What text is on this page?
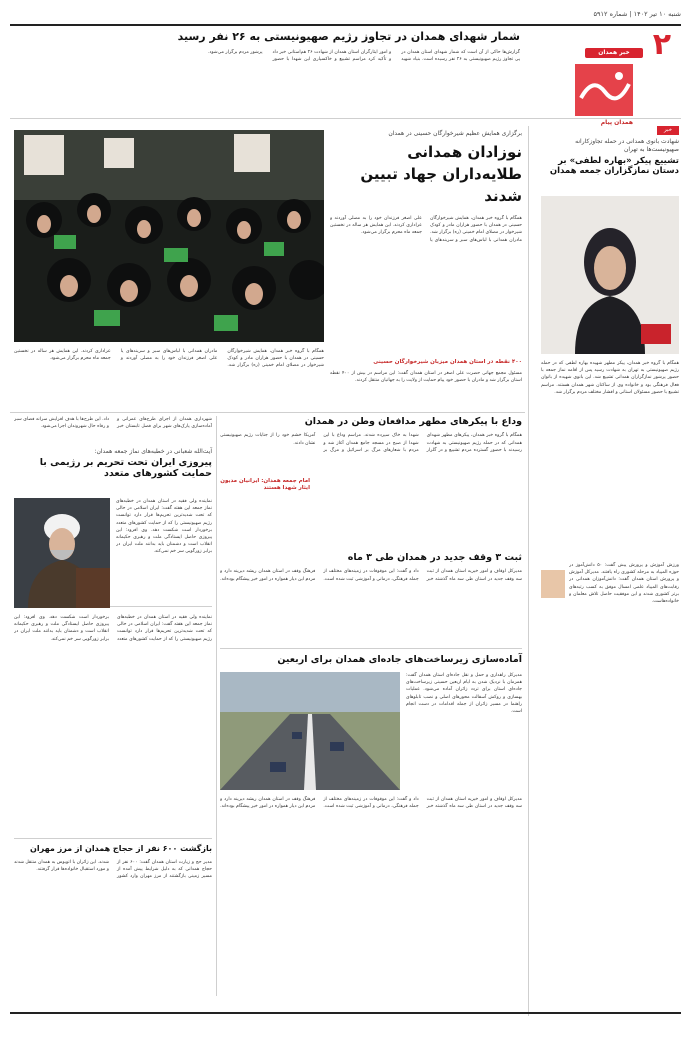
شنبه ۱۰ تیر ۱۴۰۲ | شماره ۵۹۱۲
۲
خبر همدان
همدان پیام
شمار شهدای همدان در تجاوز رژیم صهیونیستی به ۲۶ نفر رسید
گزارش‌ها حاکی از آن است که شمار شهدای استان همدان در پی تجاوز رژیم صهیونیستی به ۲۶ نفر رسیده است. بنیاد شهید و امور ایثارگران استان همدان از شهادت ۲۶ هم‌استانی خبر داد و تأکید کرد مراسم تشییع و خاکسپاری این شهدا با حضور پرشور مردم برگزار می‌شود.
خبر
شهادت بانوی همدانی در حمله تجاوزکارانه صهیونیست‌ها به تهران
تشییع پیکر «بهاره لطفی» بر دستان نمازگزاران جمعه همدان
همگام با گروه خبر همدان، پیکر مطهر شهیده بهاره لطفی که در حمله رژیم صهیونیستی به تهران به شهادت رسید پس از اقامه نماز جمعه با حضور پرشور نمازگزاران همدانی تشییع شد. این بانوی شهیده از بانوان فعال فرهنگی بود و خانواده وی از ساکنان شهر همدان هستند. مراسم تشییع با حضور مسئولان استانی و اقشار مختلف مردم برگزار شد.
ورزش آموزش و پرورش پیش گفت: ۵۰ دانش‌آموز در حوزه المپیاد به مرحله کشوری راه یافتند. مدیرکل آموزش و پرورش استان همدان گفت: دانش‌آموزان همدانی در رقابت‌های المپیاد علمی امسال موفق به کسب رتبه‌های برتر کشوری شدند و این موفقیت حاصل تلاش معلمان و خانواده‌هاست.
برگزاری همایش عظیم شیرخوارگان حسینی در همدان
نوزادان همدانی طلایه‌داران جهاد تبیین شدند
همگام با گروه خبر همدان، همایش شیرخوارگان حسینی در همدان با حضور هزاران مادر و کودک شیرخوار در مصلای امام خمینی (ره) برگزار شد. مادران همدانی با لباس‌های سبز و سربندهای یا علی اصغر فرزندان خود را به مصلی آوردند و عزاداری کردند. این همایش هر ساله در نخستین جمعه ماه محرم برگزار می‌شود.
۴۰۰ نقطه در استان همدان میزبان شیرخوارگان حسینی
مسئول مجمع جهانی حضرت علی اصغر در استان همدان گفت: این مراسم در بیش از ۴۰۰ نقطه استان برگزار شد و مادران با حضور خود پیام حمایت از ولایت را به جهانیان منتقل کردند.
همگام با گروه خبر همدان، همایش شیرخوارگان حسینی در همدان با حضور هزاران مادر و کودک شیرخوار در مصلای امام خمینی (ره) برگزار شد. مادران همدانی با لباس‌های سبز و سربندهای یا علی اصغر فرزندان خود را به مصلی آوردند و عزاداری کردند. این همایش هر ساله در نخستین جمعه ماه محرم برگزار می‌شود.
وداع با پیکرهای مطهر مدافعان وطن در همدان
همگام با گروه خبر همدان، پیکرهای مطهر شهدای همدانی که در حمله رژیم صهیونیستی به شهادت رسیدند با حضور گسترده مردم تشییع و در گلزار شهدا به خاک سپرده شدند. مراسم وداع با این شهدا از صبح در مسجد جامع همدان آغاز شد و مردم با شعارهای مرگ بر اسرائیل و مرگ بر آمریکا خشم خود را از جنایات رژیم صهیونیستی نشان دادند.
امام جمعه همدان: ایرانیان مدیون ایثار شهدا هستند
ثبت ۳ وقف جدید در همدان طی ۳ ماه
مدیرکل اوقاف و امور خیریه استان همدان از ثبت سه وقف جدید در استان طی سه ماه گذشته خبر داد و گفت: این موقوفات در زمینه‌های مختلف از جمله فرهنگی، درمانی و آموزشی ثبت شده است. فرهنگ وقف در استان همدان ریشه دیرینه دارد و مردم این دیار همواره در امور خیر پیشگام بوده‌اند.
آماده‌سازی زیرساخت‌های جاده‌ای همدان برای اربعین
مدیرکل راهداری و حمل و نقل جاده‌ای استان همدان گفت: همزمان با نزدیک شدن به ایام اربعین حسینی زیرساخت‌های جاده‌ای استان برای تردد زائران آماده می‌شود. عملیات بهسازی و روکش آسفالت محورهای اصلی و نصب تابلوهای راهنما در مسیر زائران از جمله اقدامات در دست انجام است.
مدیرکل اوقاف و امور خیریه استان همدان از ثبت سه وقف جدید در استان طی سه ماه گذشته خبر داد و گفت: این موقوفات در زمینه‌های مختلف از جمله فرهنگی، درمانی و آموزشی ثبت شده است. فرهنگ وقف در استان همدان ریشه دیرینه دارد و مردم این دیار همواره در امور خیر پیشگام بوده‌اند.
شهرداری همدان از اجرای طرح‌های عمرانی و آماده‌سازی پارک‌های شهر برای فصل تابستان خبر داد. این طرح‌ها با هدف افزایش سرانه فضای سبز و رفاه حال شهروندان اجرا می‌شود.
آیت‌الله شعبانی در خطبه‌های نماز جمعه همدان:
پیروزی ایران تحت تحریم بر رژیمی با حمایت کشورهای متعدد
نماینده ولی فقیه در استان همدان در خطبه‌های نماز جمعه این هفته گفت: ایران اسلامی در حالی که تحت شدیدترین تحریم‌ها قرار دارد توانست رژیم صهیونیستی را که از حمایت کشورهای متعدد برخوردار است شکست دهد. وی افزود: این پیروزی حاصل ایستادگی ملت و رهبری حکیمانه انقلاب است و دشمنان باید بدانند ملت ایران در برابر زورگویی سر خم نمی‌کند.
نماینده ولی فقیه در استان همدان در خطبه‌های نماز جمعه این هفته گفت: ایران اسلامی در حالی که تحت شدیدترین تحریم‌ها قرار دارد توانست رژیم صهیونیستی را که از حمایت کشورهای متعدد برخوردار است شکست دهد. وی افزود: این پیروزی حاصل ایستادگی ملت و رهبری حکیمانه انقلاب است و دشمنان باید بدانند ملت ایران در برابر زورگویی سر خم نمی‌کند.
بازگشت ۶۰۰ نفر از حجاج همدان از مرز مهران
مدیر حج و زیارت استان همدان گفت: ۶۰۰ نفر از حجاج همدانی که به دلیل شرایط پیش آمده از مسیر زمینی بازگشتند از مرز مهران وارد کشور شدند. این زائران با اتوبوس به همدان منتقل شدند و مورد استقبال خانواده‌ها قرار گرفتند.
